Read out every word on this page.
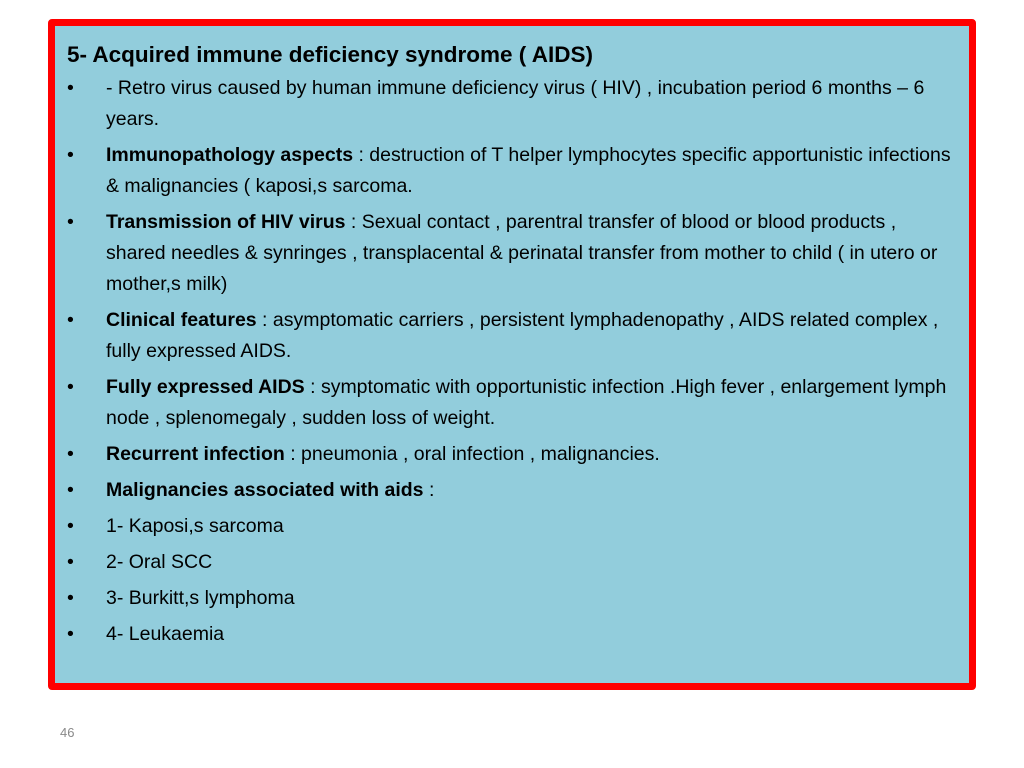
5- Acquired immune deficiency syndrome ( AIDS)
•	- Retro virus caused by human immune deficiency virus ( HIV) , incubation period 6 months – 6 years.
•	Immunopathology aspects : destruction of T helper lymphocytes specific apportunistic infections & malignancies ( kaposi,s sarcoma.
•	Transmission of HIV virus : Sexual contact , parentral transfer of blood or blood products , shared needles & synringes , transplacental & perinatal transfer from mother to child ( in utero or mother,s milk)
•	Clinical features : asymptomatic carriers , persistent lymphadenopathy , AIDS related complex , fully expressed AIDS.
•	Fully expressed AIDS : symptomatic with opportunistic infection .High fever , enlargement lymph node , splenomegaly , sudden loss of weight.
•	Recurrent infection : pneumonia , oral infection , malignancies.
•	Malignancies associated with aids :
•	1- Kaposi,s sarcoma
•	2- Oral SCC
•	3- Burkitt,s lymphoma
•	4- Leukaemia
46
